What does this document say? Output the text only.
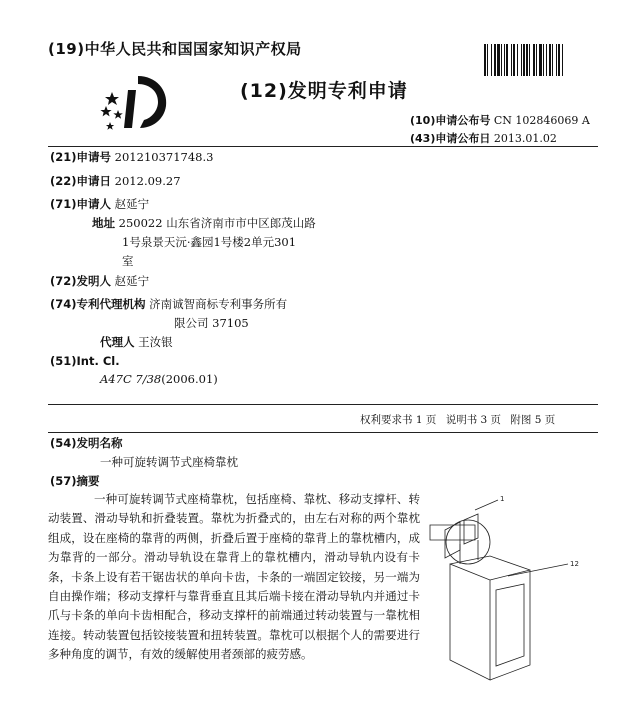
(19)中华人民共和国国家知识产权局
(12)发明专利申请
(10)申请公布号 CN 102846069 A
(43)申请公布日 2013.01.02
(21)申请号 201210371748.3
(22)申请日 2012.09.27
(71)申请人 赵延宁
地址 250022 山东省济南市市中区郎茂山路
1号泉景天沅·鑫园1号楼2单元301
室
(72)发明人 赵延宁
(74)专利代理机构 济南诚智商标专利事务所有
限公司 37105
代理人 王汝银
(51)Int. Cl.
A47C 7/38(2006.01)
权利要求书 1 页 说明书 3 页 附图 5 页
(54)发明名称
一种可旋转调节式座椅靠枕
(57)摘要
一种可旋转调节式座椅靠枕，包括座椅、靠枕、移动支撑杆、转动装置、滑动导轨和折叠装置。靠枕为折叠式的，由左右对称的两个靠枕组成，设在座椅的靠背的两侧，折叠后置于座椅的靠背上的靠枕槽内，成为靠背的一部分。滑动导轨设在靠背上的靠枕槽内，滑动导轨内设有卡条，卡条上设有若干锯齿状的单向卡齿，卡条的一端固定铰接，另一端为自由操作端；移动支撑杆与靠背垂直且其后端卡接在滑动导轨内并通过卡爪与卡条的单向卡齿相配合，移动支撑杆的前端通过转动装置与一靠枕相连接。转动装置包括铰接装置和扭转装置。靠枕可以根据个人的需要进行多种角度的调节，有效的缓解使用者颈部的疲劳感。
1
12
